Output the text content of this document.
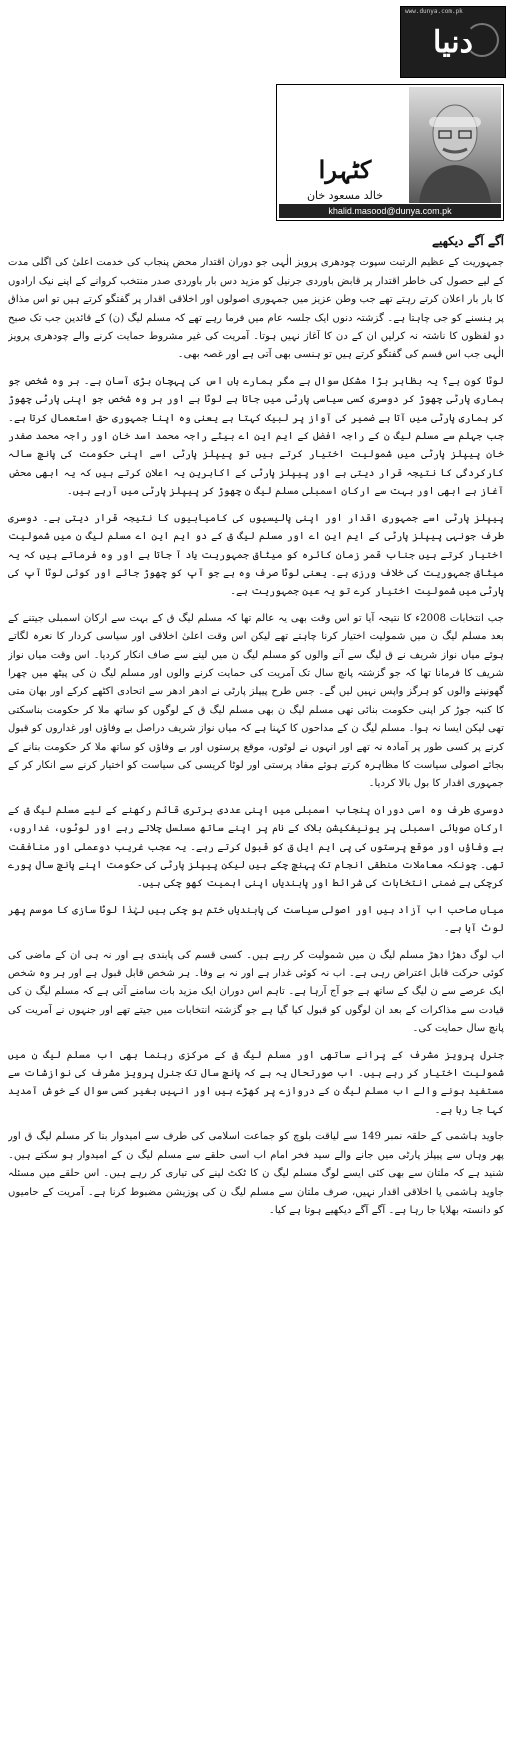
www.dunya.com.pk
دنیا
کٹہرا
خالد مسعود خان
khalid.masood@dunya.com.pk

آگے آگے دیکھیے

جمہوریت کے عظیم الرتبت سپوت چودھری پرویز الٰہی جو دوران اقتدار محض پنجاب کی خدمت اعلیٰ کی اگلی مدت کے لیے حصول کی خاطر اقتدار پر قابض باوردی جرنیل کو مزید دس بار باوردی صدر منتخب کروانے کے اپنے نیک ارادوں کا بار بار اعلان کرتے رہتے تھے جب وطن عزیز میں جمہوری اصولوں اور اخلاقی اقدار پر گفتگو کرتے ہیں تو اس مذاق پر ہنسنے کو جی چاہتا ہے۔ گزشتہ دنوں ایک جلسہ عام میں فرما رہے تھے کہ مسلم لیگ (ن) کے قائدین جب تک صبح دو لفظوں کا ناشتہ نہ کرلیں ان کے دن کا آغاز نہیں ہوتا۔ آمریت کی غیر مشروط حمایت کرنے والے چودھری پرویز الٰہی جب اس قسم کی گفتگو کرتے ہیں تو ہنسی بھی آتی ہے اور غصہ بھی۔

لوٹا کون ہے؟ یہ بظاہر بڑا مشکل سوال ہے مگر ہمارے ہاں اس کی پہچان بڑی آسان ہے۔ ہر وہ شخص جو ہماری پارٹی چھوڑ کر دوسری کسی سیاسی پارٹی میں جاتا ہے لوٹا ہے اور ہر وہ شخص جو اپنی پارٹی چھوڑ کر ہماری پارٹی میں آتا ہے ضمیر کی آواز پر لبیک کہتا ہے یعنی وہ اپنا جمہوری حق استعمال کرتا ہے۔ جب جہلم سے مسلم لیگ ن کے راجہ افضل کے ایم این اے بیٹے راجہ محمد اسد خان اور راجہ محمد صفدر خان پیپلز پارٹی میں شمولیت اختیار کرتے ہیں تو پیپلز پارٹی اسے اپنی حکومت کی پانچ سالہ کارکردگی کا نتیجہ قرار دیتی ہے اور پیپلز پارٹی کے اکابرین یہ اعلان کرتے ہیں کہ یہ ابھی محض آغاز ہے ابھی اور بہت سے ارکان اسمبلی مسلم لیگ ن چھوڑ کر پیپلز پارٹی میں آرہے ہیں۔

پیپلز پارٹی اسے جمہوری اقدار اور اپنی پالیسیوں کی کامیابیوں کا نتیجہ قرار دیتی ہے۔ دوسری طرف جونہی پیپلز پارٹی کے ایم این اے اور مسلم لیگ ق کے دو ایم این اے مسلم لیگ ن میں شمولیت اختیار کرتے ہیں جناب قمر زمان کائرہ کو میثاق جمہوریت یاد آ جاتا ہے اور وہ فرماتے ہیں کہ یہ میثاق جمہوریت کی خلاف ورزی ہے۔ یعنی لوٹا صرف وہ ہے جو آپ کو چھوڑ جائے اور کوئی لوٹا آپ کی پارٹی میں شمولیت اختیار کرے تو یہ عین جمہوریت ہے۔

جب انتخابات 2008ء کا نتیجہ آیا تو اس وقت بھی یہ عالم تھا کہ مسلم لیگ ق کے بہت سے ارکان اسمبلی جیتنے کے بعد مسلم لیگ ن میں شمولیت اختیار کرنا چاہتے تھے لیکن اس وقت اعلیٰ اخلاقی اور سیاسی کردار کا نعرہ لگاتے ہوئے میاں نواز شریف نے ق لیگ سے آنے والوں کو مسلم لیگ ن میں لینے سے صاف انکار کردیا۔ اس وقت میاں نواز شریف کا فرمانا تھا کہ جو گزشتہ پانچ سال تک آمریت کی حمایت کرنے والوں اور مسلم لیگ ن کی پیٹھ میں چھرا گھونپنے والوں کو ہرگز واپس نہیں لیں گے۔ جس طرح پیپلز پارٹی نے ادھر ادھر سے اتحادی اکٹھے کرکے اور بھان متی کا کنبہ جوڑ کر اپنی حکومت بنائی تھی مسلم لیگ ن بھی مسلم لیگ ق کے لوگوں کو ساتھ ملا کر حکومت بناسکتی تھی لیکن ایسا نہ ہوا۔ مسلم لیگ ن کے مداحوں کا کہنا ہے کہ میاں نواز شریف دراصل بے وفاؤں اور غداروں کو قبول کرنے پر کسی طور پر آمادہ نہ تھے اور انہوں نے لوٹوں، موقع پرستوں اور بے وفاؤں کو ساتھ ملا کر حکومت بنانے کے بجائے اصولی سیاست کا مظاہرہ کرتے ہوئے مفاد پرستی اور لوٹا کریسی کی سیاست کو اختیار کرنے سے انکار کر کے جمہوری اقدار کا بول بالا کردیا۔

دوسری طرف وہ اسی دوران پنجاب اسمبلی میں اپنی عددی برتری قائم رکھنے کے لیے مسلم لیگ ق کے ارکان صوبائی اسمبلی پر یونیفکیشن بلاک کے نام پر اپنے ساتھ مسلسل چلاتے رہے اور لوٹوں، غداروں، بے وفاؤں اور موقع پرستوں کی پی ایم ایل ق کو قبول کرتے رہے۔ یہ عجب غریب دوعملی اور منافقت تھی۔ چونکہ معاملات منطقی انجام تک پہنچ چکے ہیں لیکن پیپلز پارٹی کی حکومت اپنے پانچ سال پورے کرچکی ہے ضمنی انتخابات کی شرائط اور پابندیاں اپنی اہمیت کھو چکی ہیں۔

میاں صاحب اب آزاد ہیں اور اصولی سیاست کی پابندیاں ختم ہو چکی ہیں لہٰذا لوٹا سازی کا موسم پھر لوٹ آیا ہے۔

اب لوگ دھڑا دھڑ مسلم لیگ ن میں شمولیت کر رہے ہیں۔ کسی قسم کی پابندی ہے اور نہ ہی ان کے ماضی کی کوئی حرکت قابل اعتراض رہی ہے۔ اب نہ کوئی غدار ہے اور نہ بے وفا۔ ہر شخص قابل قبول ہے اور ہر وہ شخص ایک عرصے سے ن لیگ کے ساتھ ہے جو آج آرہا ہے۔ تاہم اس دوران ایک مزید بات سامنے آئی ہے کہ مسلم لیگ ن کی قیادت سے مذاکرات کے بعد ان لوگوں کو قبول کیا گیا ہے جو گزشتہ انتخابات میں جیتے تھے اور جنہوں نے آمریت کی پانچ سال حمایت کی۔

جنرل پرویز مشرف کے پرانے ساتھی اور مسلم لیگ ق کے مرکزی رہنما بھی اب مسلم لیگ ن میں شمولیت اختیار کر رہے ہیں۔ اب صورتحال یہ ہے کہ پانچ سال تک جنرل پرویز مشرف کی نوازشات سے مستفید ہونے والے اب مسلم لیگ ن کے دروازے پر کھڑے ہیں اور انہیں بغیر کسی سوال کے خوش آمدید کہا جا رہا ہے۔

جاوید ہاشمی کے حلقہ نمبر 149 سے لیاقت بلوچ کو جماعت اسلامی کی طرف سے امیدوار بنا کر مسلم لیگ ق اور پھر وہاں سے پیپلز پارٹی میں جانے والے سید فخر امام اب اسی حلقے سے مسلم لیگ ن کے امیدوار ہو سکتے ہیں۔ شنید ہے کہ ملتان سے بھی کئی ایسے لوگ مسلم لیگ ن کا ٹکٹ لینے کی تیاری کر رہے ہیں۔ اس حلقے میں مسئلہ جاوید ہاشمی یا اخلاقی اقدار نہیں، صرف ملتان سے مسلم لیگ ن کی پوزیشن مضبوط کرنا ہے۔ آمریت کے حامیوں کو دانستہ بھلایا جا رہا ہے۔ آگے آگے دیکھیے ہوتا ہے کیا۔
